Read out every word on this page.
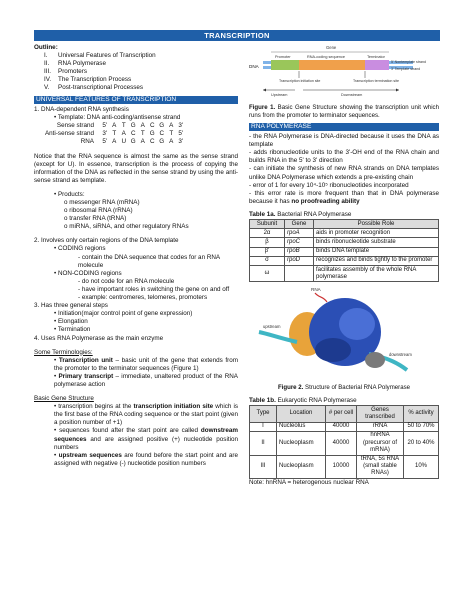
TRANSCRIPTION
Outline:
I.	Universal Features of Transcription
II.	RNA Polymerase
III.	Promoters
IV.	The Transcription Process
V.	Post-transcriptional Processes
UNIVERSAL FEATURES OF TRANSCRIPTION
1. DNA-dependent RNA synthesis
• Template: DNA anti-coding/antisense strand
Sense strand	5' A T G A C G A 3'
Anti-sense strand	3' T A C T G C T 5'
RNA	5' A U G A C G A 3'
Notice that the RNA sequence is almost the same as the sense strand (except for U). In essence, transcription is the process of copying the information of the DNA as reflected in the sense strand by using the anti-sense strand as template.
• Products:
o messenger RNA (mRNA)
o ribosomal RNA (rRNA)
o transfer RNA (tRNA)
o miRNA, siRNA, and other regulatory RNAs
2. Involves only certain regions of the DNA template
• CODING regions
- contain the DNA sequence that codes for an RNA molecule
• NON-CODING regions
- do not code for an RNA molecule
- have important roles in switching the gene on and off
- example: centromeres, telomeres, promoters
3. Has three general steps
• Initiation(major control point of gene expression)
• Elongation
• Termination
4. Uses RNA Polymerase as the main enzyme
Some Terminologies:
• Transcription unit – basic unit of the gene that extends from the promoter to the terminator sequences (Figure 1)
• Primary transcript – immediate, unaltered product of the RNA polymerase action
Basic Gene Structure
• transcription begins at the transcription initiation site which is the first base of the RNA coding sequence or the start point (given a position number of +1)
• sequences found after the start point are called downstream sequences and are assigned positive (+) nucleotide position numbers
• upstream sequences are found before the start point and are assigned with negative (-) nucleotide position numbers
Gene
Promoter	RNA-coding sequence	Terminator
DNA
5' Nontemplate strand
3' Template strand
Transcription initiation site	Transcription termination site
Upstream	Downstream
Figure 1. Basic Gene Structure showing the transcription unit which runs from the promoter to terminator sequences.
RNA POLYMERASE
- the RNA Polymerase is DNA-directed because it uses the DNA as template
- adds ribonucleotide units to the 3'-OH end of the RNA chain and builds RNA in the 5' to 3' direction
- can initiate the synthesis of new RNA strands on DNA templates unlike DNA Polymerase which extends a pre-existing chain
- error of 1 for every 10⁴-10⁵ ribonucleotides incorporated
- this error rate is more frequent than that in DNA polymerase because it has no proofreading ability
Table 1a. Bacterial RNA Polymerase
Subunit	Gene	Possible Role
2α	rpoA	aids in promoter recognition
β	rpoC	binds ribonucleotide substrate
β'	rpoB	binds DNA template
σ	rpoD	recognizes and binds tightly to the promoter
ω		facilitates assembly of the whole RNA polymerase
RNA
upstream
downstream
Figure 2. Structure of Bacterial RNA Polymerase
Table 1b. Eukaryotic RNA Polymerase
Type	Location	# per cell	Genes transcribed	% activity
I	Nucleolus	40000	rRNA	50 to 70%
II	Nucleoplasm	40000	hnRNA (precursor of mRNA)	20 to 40%
III	Nucleoplasm	10000	tRNA, 5s RNA (small stable RNAs)	10%
Note: hnRNA = heterogenous nuclear RNA
